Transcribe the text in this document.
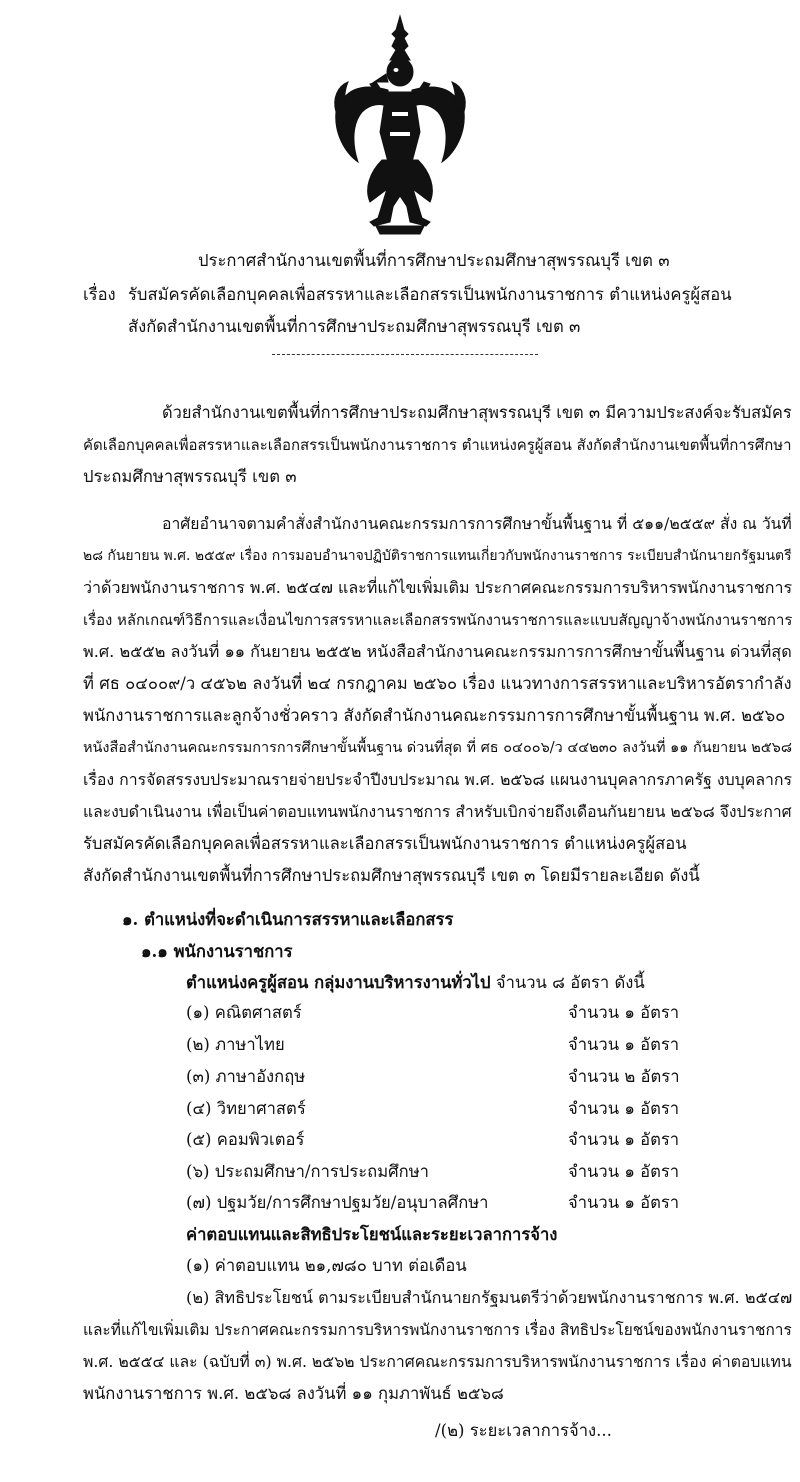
ประกาศสำนักงานเขตพื้นที่การศึกษาประถมศึกษาสุพรรณบุรี เขต ๓
เรื่อง รับสมัครคัดเลือกบุคคลเพื่อสรรหาและเลือกสรรเป็นพนักงานราชการ ตำแหน่งครูผู้สอน
สังกัดสำนักงานเขตพื้นที่การศึกษาประถมศึกษาสุพรรณบุรี เขต ๓
ด้วยสำนักงานเขตพื้นที่การศึกษาประถมศึกษาสุพรรณบุรี เขต ๓ มีความประสงค์จะรับสมัคร
คัดเลือกบุคคลเพื่อสรรหาและเลือกสรรเป็นพนักงานราชการ ตำแหน่งครูผู้สอน สังกัดสำนักงานเขตพื้นที่การศึกษา
ประถมศึกษาสุพรรณบุรี เขต ๓
อาศัยอำนาจตามคำสั่งสำนักงานคณะกรรมการการศึกษาขั้นพื้นฐาน ที่ ๕๑๑/๒๕๕๙ สั่ง ณ วันที่
๒๘ กันยายน พ.ศ. ๒๕๕๙ เรื่อง การมอบอำนาจปฏิบัติราชการแทนเกี่ยวกับพนักงานราชการ ระเบียบสำนักนายกรัฐมนตรี
ว่าด้วยพนักงานราชการ พ.ศ. ๒๕๔๗ และที่แก้ไขเพิ่มเติม ประกาศคณะกรรมการบริหารพนักงานราชการ
เรื่อง หลักเกณฑ์วิธีการและเงื่อนไขการสรรหาและเลือกสรรพนักงานราชการและแบบสัญญาจ้างพนักงานราชการ
พ.ศ. ๒๕๕๒ ลงวันที่ ๑๑ กันยายน ๒๕๕๒ หนังสือสำนักงานคณะกรรมการการศึกษาขั้นพื้นฐาน ด่วนที่สุด
ที่ ศธ ๐๔๐๐๙/ว ๔๕๖๒ ลงวันที่ ๒๔ กรกฎาคม ๒๕๖๐ เรื่อง แนวทางการสรรหาและบริหารอัตรากำลัง
พนักงานราชการและลูกจ้างชั่วคราว สังกัดสำนักงานคณะกรรมการการศึกษาขั้นพื้นฐาน พ.ศ. ๒๕๖๐
หนังสือสำนักงานคณะกรรมการการศึกษาขั้นพื้นฐาน ด่วนที่สุด ที่ ศธ ๐๔๐๐๖/ว ๔๔๒๓๐ ลงวันที่ ๑๑ กันยายน ๒๕๖๘
เรื่อง การจัดสรรงบประมาณรายจ่ายประจำปีงบประมาณ พ.ศ. ๒๕๖๘ แผนงานบุคลากรภาครัฐ งบบุคลากร
และงบดำเนินงาน เพื่อเป็นค่าตอบแทนพนักงานราชการ สำหรับเบิกจ่ายถึงเดือนกันยายน ๒๕๖๘ จึงประกาศ
รับสมัครคัดเลือกบุคคลเพื่อสรรหาและเลือกสรรเป็นพนักงานราชการ ตำแหน่งครูผู้สอน
สังกัดสำนักงานเขตพื้นที่การศึกษาประถมศึกษาสุพรรณบุรี เขต ๓ โดยมีรายละเอียด ดังนี้
๑. ตำแหน่งที่จะดำเนินการสรรหาและเลือกสรร
๑.๑ พนักงานราชการ
ตำแหน่งครูผู้สอน กลุ่มงานบริหารงานทั่วไป จำนวน ๘ อัตรา ดังนี้
(๑) คณิตศาสตร์	จำนวน ๑ อัตรา
(๒) ภาษาไทย	จำนวน ๑ อัตรา
(๓) ภาษาอังกฤษ	จำนวน ๒ อัตรา
(๔) วิทยาศาสตร์	จำนวน ๑ อัตรา
(๕) คอมพิวเตอร์	จำนวน ๑ อัตรา
(๖) ประถมศึกษา/การประถมศึกษา	จำนวน ๑ อัตรา
(๗) ปฐมวัย/การศึกษาปฐมวัย/อนุบาลศึกษา	จำนวน ๑ อัตรา
ค่าตอบแทนและสิทธิประโยชน์และระยะเวลาการจ้าง
(๑) ค่าตอบแทน ๒๑,๗๘๐ บาท ต่อเดือน
(๒) สิทธิประโยชน์ ตามระเบียบสำนักนายกรัฐมนตรีว่าด้วยพนักงานราชการ พ.ศ. ๒๕๔๗
และที่แก้ไขเพิ่มเติม ประกาศคณะกรรมการบริหารพนักงานราชการ เรื่อง สิทธิประโยชน์ของพนักงานราชการ
พ.ศ. ๒๕๕๔ และ (ฉบับที่ ๓) พ.ศ. ๒๕๖๒ ประกาศคณะกรรมการบริหารพนักงานราชการ เรื่อง ค่าตอบแทน
พนักงานราชการ พ.ศ. ๒๕๖๘ ลงวันที่ ๑๑ กุมภาพันธ์ ๒๕๖๘
/(๒) ระยะเวลาการจ้าง...
